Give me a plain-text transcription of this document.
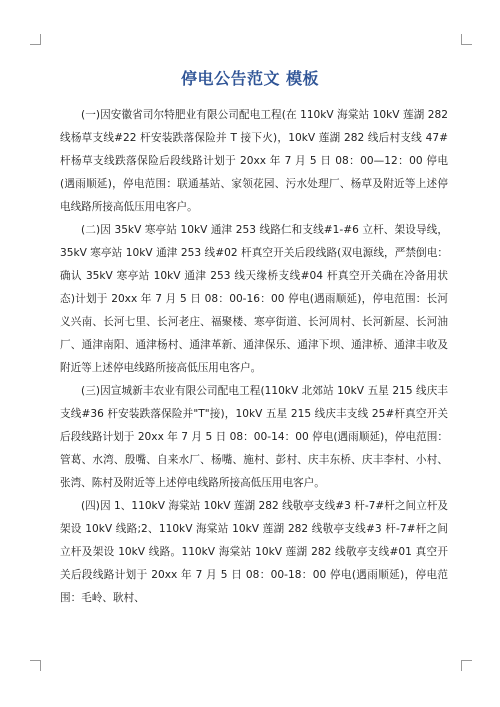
停电公告范文 模板

(一)因安徽省司尔特肥业有限公司配电工程(在 110kV 海棠站 10kV 莲湖 282 线杨草支线#22 杆安装跌落保险并 T 接下火)，10kV 莲湖 282 线后村支线 47#杆杨草支线跌落保险后段线路计划于 20xx 年 7 月 5 日 08：00—12：00 停电(遇雨顺延)，停电范围：联通基站、家领花园、污水处理厂、杨草及附近等上述停电线路所接高低压用电客户。

(二)因 35kV 寒亭站 10kV 通津 253 线路仁和支线#1-#6 立杆、架设导线，35kV 寒亭站 10kV 通津 253 线#02 杆真空开关后段线路(双电源线，严禁倒电：确认 35kV 寒亭站 10kV 通津 253 线天缘桥支线#04 杆真空开关确在冷备用状态)计划于 20xx 年 7 月 5 日 08：00-16：00 停电(遇雨顺延)，停电范围：长河义兴南、长河七里、长河老庄、福聚楼、寒亭街道、长河周村、长河新屋、长河油厂、通津南阳、通津杨村、通津革新、通津保乐、通津下坝、通津桥、通津丰收及附近等上述停电线路所接高低压用电客户。

(三)因宣城新丰农业有限公司配电工程(110kV 北郊站 10kV 五星 215 线庆丰支线#36 杆安装跌落保险并"T"接)，10kV 五星 215 线庆丰支线 25#杆真空开关后段线路计划于 20xx 年 7 月 5 日 08：00-14：00 停电(遇雨顺延)，停电范围：管葛、水湾、殷嘴、自来水厂、杨嘴、施村、彭村、庆丰东桥、庆丰李村、小村、张湾、陈村及附近等上述停电线路所接高低压用电客户。

(四)因 1、110kV 海棠站 10kV 莲湖 282 线敬亭支线#3 杆-7#杆之间立杆及架设 10kV 线路;2、110kV 海棠站 10kV 莲湖 282 线敬亭支线#3 杆-7#杆之间立杆及架设 10kV 线路。110kV 海棠站 10kV 莲湖 282 线敬亭支线#01 真空开关后段线路计划于 20xx 年 7 月 5 日 08：00-18：00 停电(遇雨顺延)，停电范围：毛岭、耿村、
